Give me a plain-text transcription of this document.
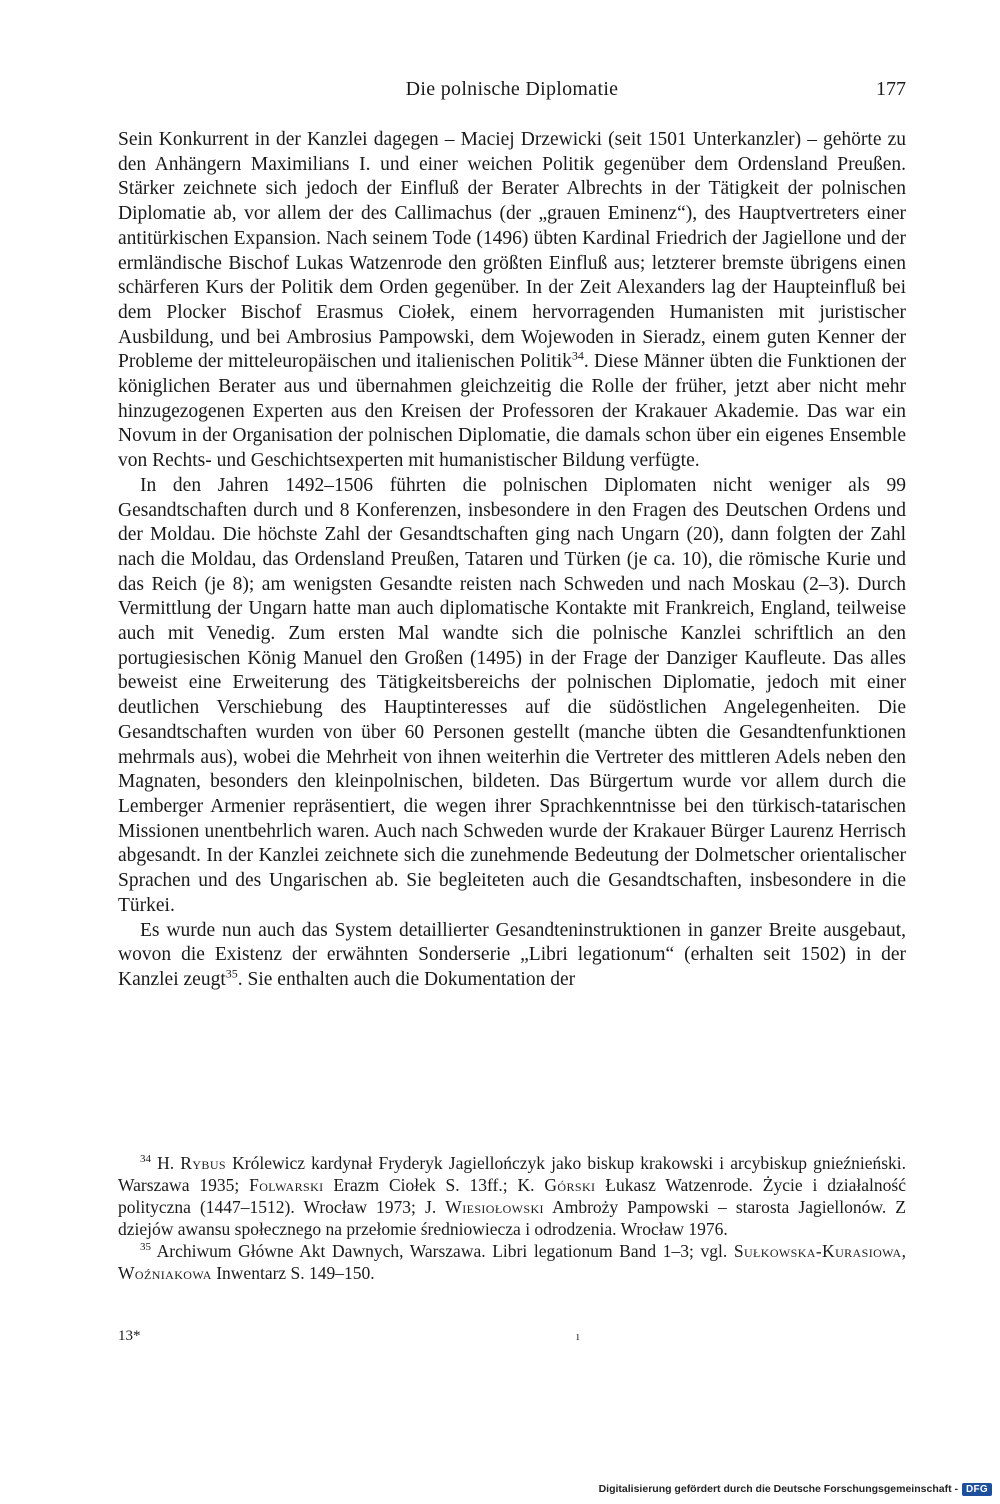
Die polnische Diplomatie	177

Sein Konkurrent in der Kanzlei dagegen – Maciej Drzewicki (seit 1501 Unterkanzler) – gehörte zu den Anhängern Maximilians I. und einer weichen Politik gegenüber dem Ordensland Preußen. Stärker zeichnete sich jedoch der Einfluß der Berater Albrechts in der Tätigkeit der polnischen Diplomatie ab, vor allem der des Callimachus (der „grauen Eminenz“), des Hauptvertreters einer antitürkischen Expansion. Nach seinem Tode (1496) übten Kardinal Friedrich der Jagiellone und der ermländische Bischof Lukas Watzenrode den größten Einfluß aus; letzterer bremste übrigens einen schärferen Kurs der Politik dem Orden gegenüber. In der Zeit Alexanders lag der Haupteinfluß bei dem Plocker Bischof Erasmus Ciołek, einem hervorragenden Humanisten mit juristischer Ausbildung, und bei Ambrosius Pampowski, dem Wojewoden in Sieradz, einem guten Kenner der Probleme der mitteleuropäischen und italienischen Politik$^{34}$. Diese Männer übten die Funktionen der königlichen Berater aus und übernahmen gleichzeitig die Rolle der früher, jetzt aber nicht mehr hinzugezogenen Experten aus den Kreisen der Professoren der Krakauer Akademie. Das war ein Novum in der Organisation der polnischen Diplomatie, die damals schon über ein eigenes Ensemble von Rechts- und Geschichtsexperten mit humanistischer Bildung verfügte.

In den Jahren 1492–1506 führten die polnischen Diplomaten nicht weniger als 99 Gesandtschaften durch und 8 Konferenzen, insbesondere in den Fragen des Deutschen Ordens und der Moldau. Die höchste Zahl der Gesandtschaften ging nach Ungarn (20), dann folgten der Zahl nach die Moldau, das Ordensland Preußen, Tataren und Türken (je ca. 10), die römische Kurie und das Reich (je 8); am wenigsten Gesandte reisten nach Schweden und nach Moskau (2–3). Durch Vermittlung der Ungarn hatte man auch diplomatische Kontakte mit Frankreich, England, teilweise auch mit Venedig. Zum ersten Mal wandte sich die polnische Kanzlei schriftlich an den portugiesischen König Manuel den Großen (1495) in der Frage der Danziger Kaufleute. Das alles beweist eine Erweiterung des Tätigkeitsbereichs der polnischen Diplomatie, jedoch mit einer deutlichen Verschiebung des Hauptinteresses auf die südöstlichen Angelegenheiten. Die Gesandtschaften wurden von über 60 Personen gestellt (manche übten die Gesandtenfunktionen mehrmals aus), wobei die Mehrheit von ihnen weiterhin die Vertreter des mittleren Adels neben den Magnaten, besonders den kleinpolnischen, bildeten. Das Bürgertum wurde vor allem durch die Lemberger Armenier repräsentiert, die wegen ihrer Sprachkenntnisse bei den türkisch-tatarischen Missionen unentbehrlich waren. Auch nach Schweden wurde der Krakauer Bürger Laurenz Herrisch abgesandt. In der Kanzlei zeichnete sich die zunehmende Bedeutung der Dolmetscher orientalischer Sprachen und des Ungarischen ab. Sie begleiteten auch die Gesandtschaften, insbesondere in die Türkei.

Es wurde nun auch das System detaillierter Gesandteninstruktionen in ganzer Breite ausgebaut, wovon die Existenz der erwähnten Sonderserie „Libri legationum“ (erhalten seit 1502) in der Kanzlei zeugt$^{35}$. Sie enthalten auch die Dokumentation der

$^{34}$ H. Rybus Królewicz kardynał Fryderyk Jagiellończyk jako biskup krakowski i arcybiskup gnieźnieński. Warszawa 1935; Folwarski Erazm Ciołek S. 13ff.; K. Górski Łukasz Watzenrode. Życie i działalność polityczna (1447–1512). Wrocław 1973; J. Wiesiołowski Ambroży Pampowski – starosta Jagiellonów. Z dziejów awansu społecznego na przełomie średniowiecza i odrodzenia. Wrocław 1976.

$^{35}$ Archiwum Główne Akt Dawnych, Warszawa. Libri legationum Band 1–3; vgl. Sułkowska-Kurasiowa, Woźniakowa Inwentarz S. 149–150.

13*	ı
Digitalisierung gefördert durch die Deutsche Forschungsgemeinschaft - DFG
